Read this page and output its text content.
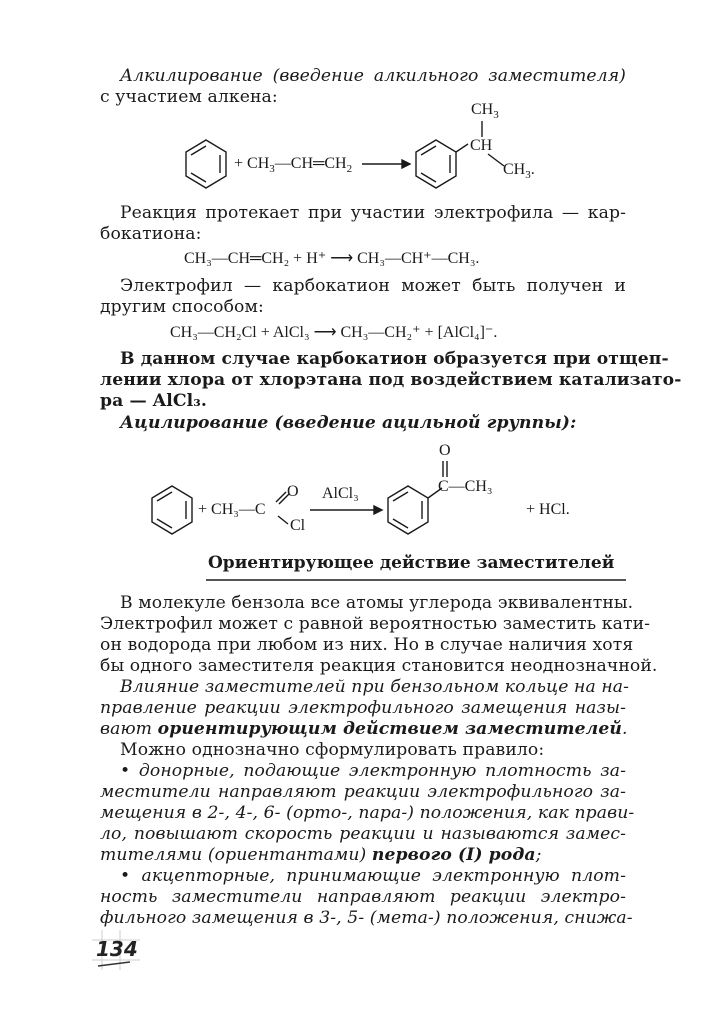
Алкилирование (введение алкильного заместителя)
с участием алкена:
+ $CH_3—CH═CH_2$ →
$CH_3$
CH
$CH_3$.
Реакция протекает при участии электрофила — кар-
бокатиона:
CH₃—CH═CH₂ + H⁺ ⟶ CH₃—CH⁺—CH₃.
Электрофил — карбокатион может быть получен и
другим способом:
CH₃—CH₂Cl + AlCl₃ ⟶ CH₃—CH₂⁺ + [AlCl₄]⁻.
В данном случае карбокатион образуется при отщеп-
лении хлора от хлорэтана под воздействием катализато-
ра — AlCl₃.
Ацилирование (введение ацильной группы):
+ CH₃—C
O
Cl
AlCl₃
O
C—CH₃
+ HCl.
Ориентирующее действие заместителей
В молекуле бензола все атомы углерода эквивалентны.
Электрофил может с равной вероятностью заместить кати-
он водорода при любом из них. Но в случае наличия хотя
бы одного заместителя реакция становится неоднозначной.
Влияние заместителей при бензольном кольце на на-
правление реакции электрофильного замещения назы-
вают ориентирующим действием заместителей.
Можно однозначно сформулировать правило:
• донорные, подающие электронную плотность за-
местители направляют реакции электрофильного за-
мещения в 2-, 4-, 6- (орто-, пара-) положения, как прави-
ло, повышают скорость реакции и называются замес-
тителями (ориентантами) первого (I) рода;
• акцепторные, принимающие электронную плот-
ность заместители направляют реакции электро-
фильного замещения в 3-, 5- (мета-) положения, снижа-
134
